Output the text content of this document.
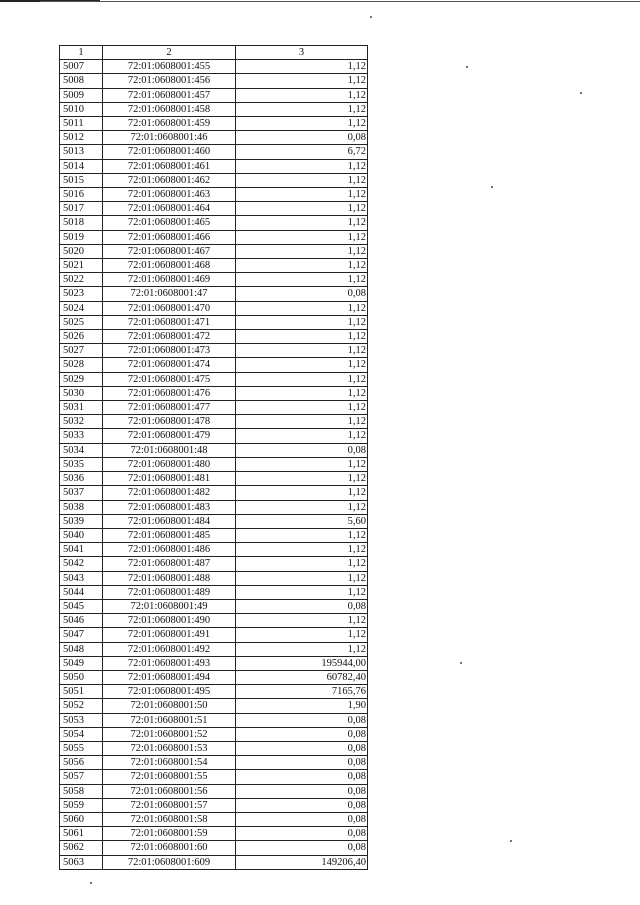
1	2	3
5007	72:01:0608001:455	1,12
5008	72:01:0608001:456	1,12
5009	72:01:0608001:457	1,12
5010	72:01:0608001:458	1,12
5011	72:01:0608001:459	1,12
5012	72:01:0608001:46	0,08
5013	72:01:0608001:460	6,72
5014	72:01:0608001:461	1,12
5015	72:01:0608001:462	1,12
5016	72:01:0608001:463	1,12
5017	72:01:0608001:464	1,12
5018	72:01:0608001:465	1,12
5019	72:01:0608001:466	1,12
5020	72:01:0608001:467	1,12
5021	72:01:0608001:468	1,12
5022	72:01:0608001:469	1,12
5023	72:01:0608001:47	0,08
5024	72:01:0608001:470	1,12
5025	72:01:0608001:471	1,12
5026	72:01:0608001:472	1,12
5027	72:01:0608001:473	1,12
5028	72:01:0608001:474	1,12
5029	72:01:0608001:475	1,12
5030	72:01:0608001:476	1,12
5031	72:01:0608001:477	1,12
5032	72:01:0608001:478	1,12
5033	72:01:0608001:479	1,12
5034	72:01:0608001:48	0,08
5035	72:01:0608001:480	1,12
5036	72:01:0608001:481	1,12
5037	72:01:0608001:482	1,12
5038	72:01:0608001:483	1,12
5039	72:01:0608001:484	5,60
5040	72:01:0608001:485	1,12
5041	72:01:0608001:486	1,12
5042	72:01:0608001:487	1,12
5043	72:01:0608001:488	1,12
5044	72:01:0608001:489	1,12
5045	72:01:0608001:49	0,08
5046	72:01:0608001:490	1,12
5047	72:01:0608001:491	1,12
5048	72:01:0608001:492	1,12
5049	72:01:0608001:493	195944,00
5050	72:01:0608001:494	60782,40
5051	72:01:0608001:495	7165,76
5052	72:01:0608001:50	1,90
5053	72:01:0608001:51	0,08
5054	72:01:0608001:52	0,08
5055	72:01:0608001:53	0,08
5056	72:01:0608001:54	0,08
5057	72:01:0608001:55	0,08
5058	72:01:0608001:56	0,08
5059	72:01:0608001:57	0,08
5060	72:01:0608001:58	0,08
5061	72:01:0608001:59	0,08
5062	72:01:0608001:60	0,08
5063	72:01:0608001:609	149206,40
